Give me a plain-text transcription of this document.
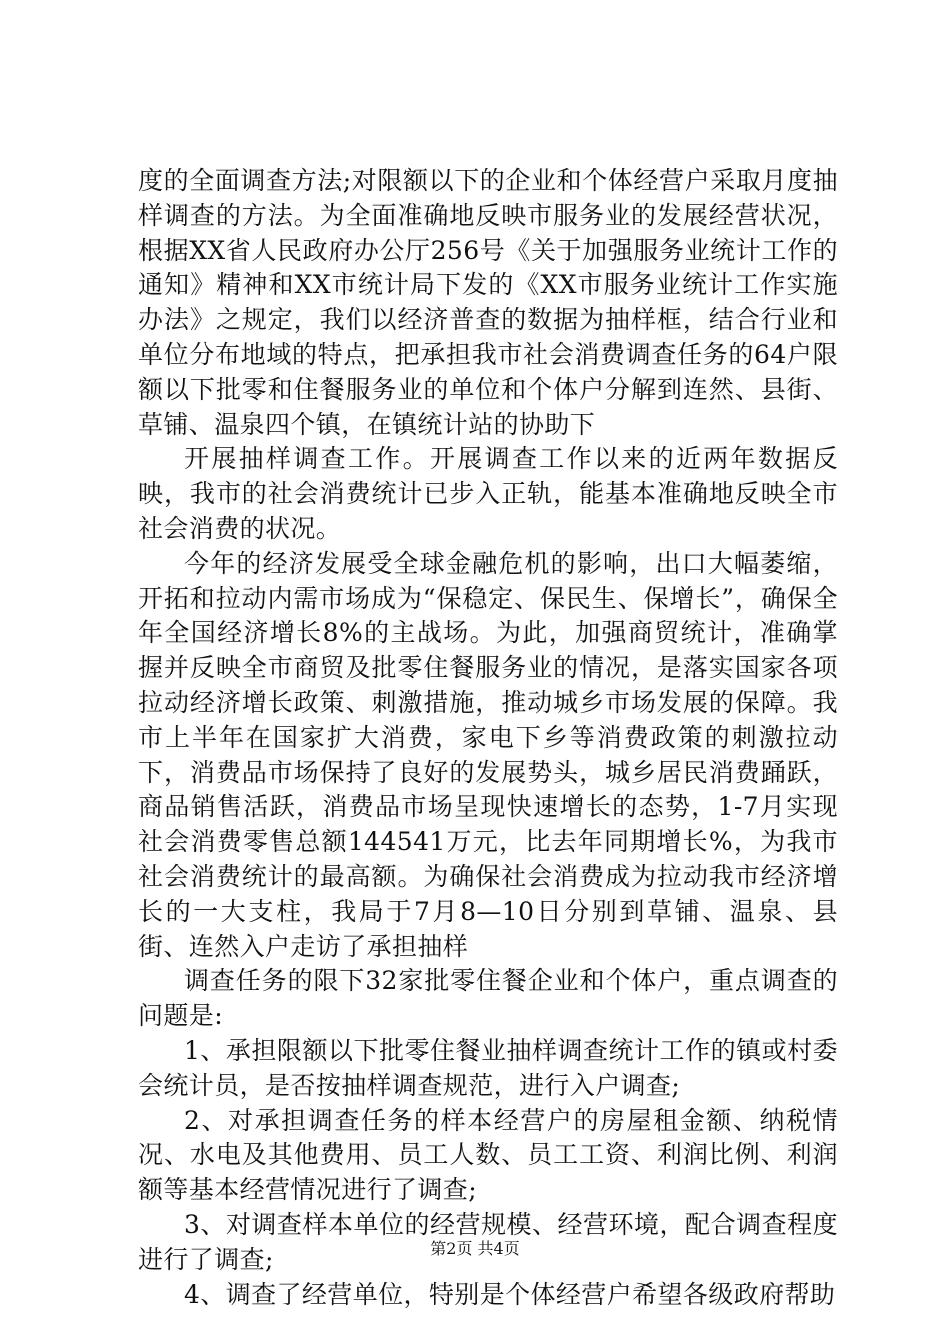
度的全面调查方法;对限额以下的企业和个体经营户采取月度抽样调查的方法。为全面准确地反映市服务业的发展经营状况，根据XX省人民政府办公厅256号《关于加强服务业统计工作的通知》精神和XX市统计局下发的《XX市服务业统计工作实施办法》之规定，我们以经济普查的数据为抽样框，结合行业和单位分布地域的特点，把承担我市社会消费调查任务的64户限额以下批零和住餐服务业的单位和个体户分解到连然、县街、草铺、温泉四个镇，在镇统计站的协助下

开展抽样调查工作。开展调查工作以来的近两年数据反映，我市的社会消费统计已步入正轨，能基本准确地反映全市社会消费的状况。

今年的经济发展受全球金融危机的影响，出口大幅萎缩，开拓和拉动内需市场成为“保稳定、保民生、保增长”，确保全年全国经济增长8%的主战场。为此，加强商贸统计，准确掌握并反映全市商贸及批零住餐服务业的情况，是落实国家各项拉动经济增长政策、刺激措施，推动城乡市场发展的保障。我市上半年在国家扩大消费，家电下乡等消费政策的刺激拉动下，消费品市场保持了良好的发展势头，城乡居民消费踊跃，商品销售活跃，消费品市场呈现快速增长的态势，1-7月实现社会消费零售总额144541万元，比去年同期增长%，为我市社会消费统计的最高额。为确保社会消费成为拉动我市经济增长的一大支柱，我局于7月8—10日分别到草铺、温泉、县街、连然入户走访了承担抽样

调查任务的限下32家批零住餐企业和个体户，重点调查的问题是:

1、承担限额以下批零住餐业抽样调查统计工作的镇或村委会统计员，是否按抽样调查规范，进行入户调查;

2、对承担调查任务的样本经营户的房屋租金额、纳税情况、水电及其他费用、员工人数、员工工资、利润比例、利润额等基本经营情况进行了调查;

3、对调查样本单位的经营规模、经营环境，配合调查程度进行了调查;

4、调查了经营单位，特别是个体经营户希望各级政府帮助

第2页 共4页
